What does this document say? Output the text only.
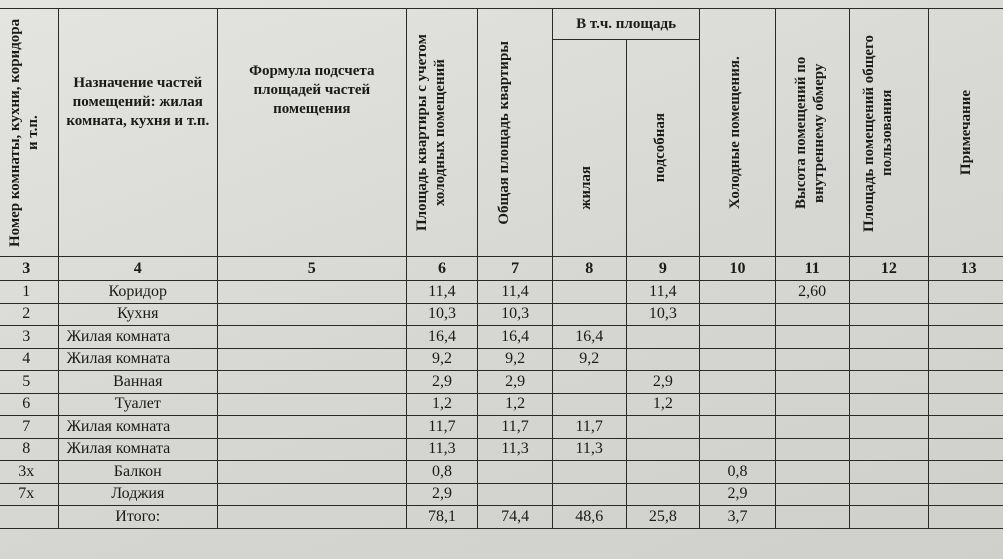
Номер комнаты, кухни, коридора и т.п.	Назначение частей помещений: жилая комната, кухня и т.п.	Формула подсчета площадей частей помещения	Площадь квартиры с учетом холодных помещений	Общая площадь квартиры	В т.ч. площадь		Холодные помещения.	Высота помещений по внутреннему обмеру	Площадь помещений общего пользования	Примечание

					жилая	подсобная				

3	4	5	6	7	8	9	10	11	12	13
1	Коридор		11,4	11,4		11,4		2,60		
2	Кухня		10,3	10,3		10,3				
3	Жилая комната		16,4	16,4	16,4					
4	Жилая комната		9,2	9,2	9,2					
5	Ванная		2,9	2,9		2,9				
6	Туалет		1,2	1,2		1,2				
7	Жилая комната		11,7	11,7	11,7					
8	Жилая комната		11,3	11,3	11,3					
3х	Балкон		0,8				0,8			
7х	Лоджия		2,9				2,9			
	Итого:		78,1	74,4	48,6	25,8	3,7			
